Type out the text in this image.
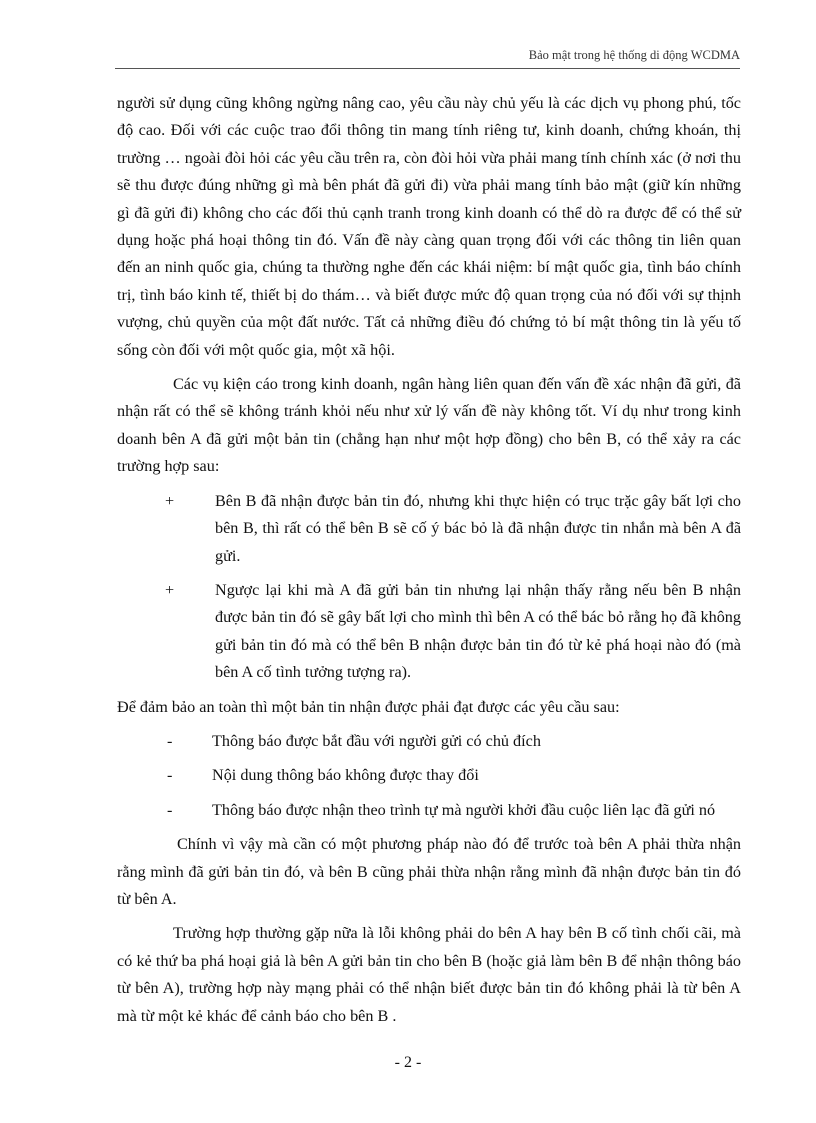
Bảo mật trong hệ thống di động WCDMA

người sử dụng cũng không ngừng nâng cao, yêu cầu này chủ yếu là các dịch vụ phong phú, tốc độ cao. Đối với các cuộc trao đổi thông tin mang tính riêng tư, kinh doanh, chứng khoán, thị trường … ngoài đòi hỏi các yêu cầu trên ra, còn đòi hỏi vừa phải mang tính chính xác (ở nơi thu sẽ thu được đúng những gì mà bên phát đã gửi đi) vừa phải mang tính bảo mật (giữ kín những gì đã gửi đi) không cho các đối thủ cạnh tranh trong kinh doanh có thể dò ra được để có thể sử dụng hoặc phá hoại thông tin đó. Vấn đề này càng quan trọng đối với các thông tin liên quan đến an ninh quốc gia, chúng ta thường nghe đến các khái niệm: bí mật quốc gia, tình báo chính trị, tình báo kinh tế, thiết bị do thám… và biết được mức độ quan trọng của nó đối với sự thịnh vượng, chủ quyền của một đất nước. Tất cả những điều đó chứng tỏ bí mật thông tin là yếu tố sống còn đối với một quốc gia, một xã hội.

Các vụ kiện cáo trong kinh doanh, ngân hàng liên quan đến vấn đề xác nhận đã gửi, đã nhận rất có thể sẽ không tránh khỏi nếu như xử lý vấn đề này không tốt. Ví dụ như trong kinh doanh bên A đã gửi một bản tin (chẳng hạn như một hợp đồng) cho bên B, có thể xảy ra các trường hợp sau:

+	Bên B đã nhận được bản tin đó, nhưng khi thực hiện có trục trặc gây bất lợi cho bên B, thì rất có thể bên B sẽ cố ý bác bỏ là đã nhận được tin nhắn mà bên A đã gửi.
+	Ngược lại khi mà A đã gửi bản tin nhưng lại nhận thấy rằng nếu bên B nhận được bản tin đó sẽ gây bất lợi cho mình thì bên A có thể bác bỏ rằng họ đã không gửi bản tin đó mà có thể bên B nhận được bản tin đó từ kẻ phá hoại nào đó (mà bên A cố tình tưởng tượng ra).

Để đảm bảo an toàn thì một bản tin nhận được phải đạt được các yêu cầu sau:

-	Thông báo được bắt đầu với người gửi có chủ đích
-	Nội dung thông báo không được thay đổi
-	Thông báo được nhận theo trình tự mà người khởi đầu cuộc liên lạc đã gửi nó

Chính vì vậy mà cần có một phương pháp nào đó để trước toà bên A phải thừa nhận rằng mình đã gửi bản tin đó, và bên B cũng phải thừa nhận rằng mình đã nhận được bản tin đó từ bên A.

Trường hợp thường gặp nữa là lỗi không phải do bên A hay bên B cố tình chối cãi, mà có kẻ thứ ba phá hoại giả là bên A gửi bản tin cho bên B (hoặc giả làm bên B để nhận thông báo từ bên A), trường hợp này mạng phải có thể nhận biết được bản tin đó không phải là từ bên A mà từ một kẻ khác để cảnh báo cho bên B .

- 2 -
